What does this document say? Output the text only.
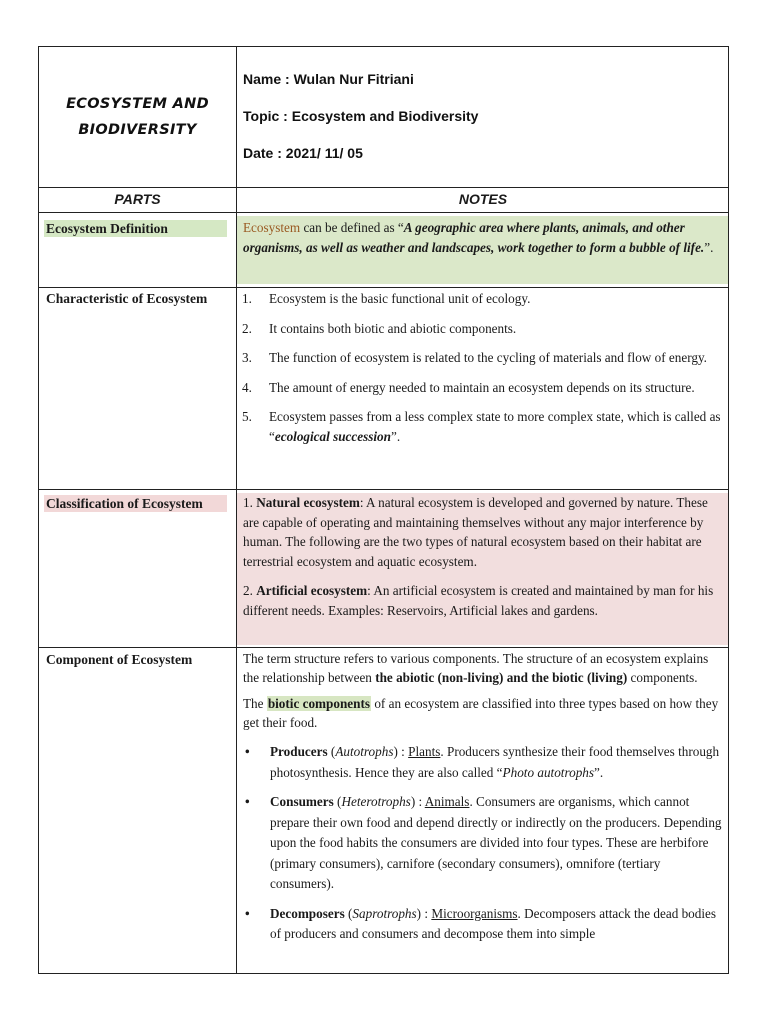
ECOSYSTEM AND
BIODIVERSITY
Name : Wulan Nur Fitriani
Topic : Ecosystem and Biodiversity
Date : 2021/ 11/ 05
PARTS	NOTES
Ecosystem Definition	Ecosystem can be defined as “A geographic area where plants, animals, and other organisms, as well as weather and landscapes, work together to form a bubble of life.”.
Characteristic of Ecosystem	1. Ecosystem is the basic functional unit of ecology.
2. It contains both biotic and abiotic components.
3. The function of ecosystem is related to the cycling of materials and flow of energy.
4. The amount of energy needed to maintain an ecosystem depends on its structure.
5. Ecosystem passes from a less complex state to more complex state, which is called as “ecological succession”.
Classification of Ecosystem	1. Natural ecosystem: A natural ecosystem is developed and governed by nature. These are capable of operating and maintaining themselves without any major interference by human. The following are the two types of natural ecosystem based on their habitat are terrestrial ecosystem and aquatic ecosystem.

2. Artificial ecosystem: An artificial ecosystem is created and maintained by man for his different needs. Examples: Reservoirs, Artificial lakes and gardens.

Component of Ecosystem	The term structure refers to various components. The structure of an ecosystem explains the relationship between the abiotic (non-living) and the biotic (living) components.

The biotic components of an ecosystem are classified into three types based on how they get their food.

• Producers (Autotrophs) : Plants. Producers synthesize their food themselves through photosynthesis. Hence they are also called “Photo autotrophs”.
• Consumers (Heterotrophs) : Animals. Consumers are organisms, which cannot prepare their own food and depend directly or indirectly on the producers. Depending upon the food habits the consumers are divided into four types. These are herbifore (primary consumers), carnifore (secondary consumers), omnifore (tertiary consumers).
• Decomposers (Saprotrophs) : Microorganisms. Decomposers attack the dead bodies of producers and consumers and decompose them into simple
